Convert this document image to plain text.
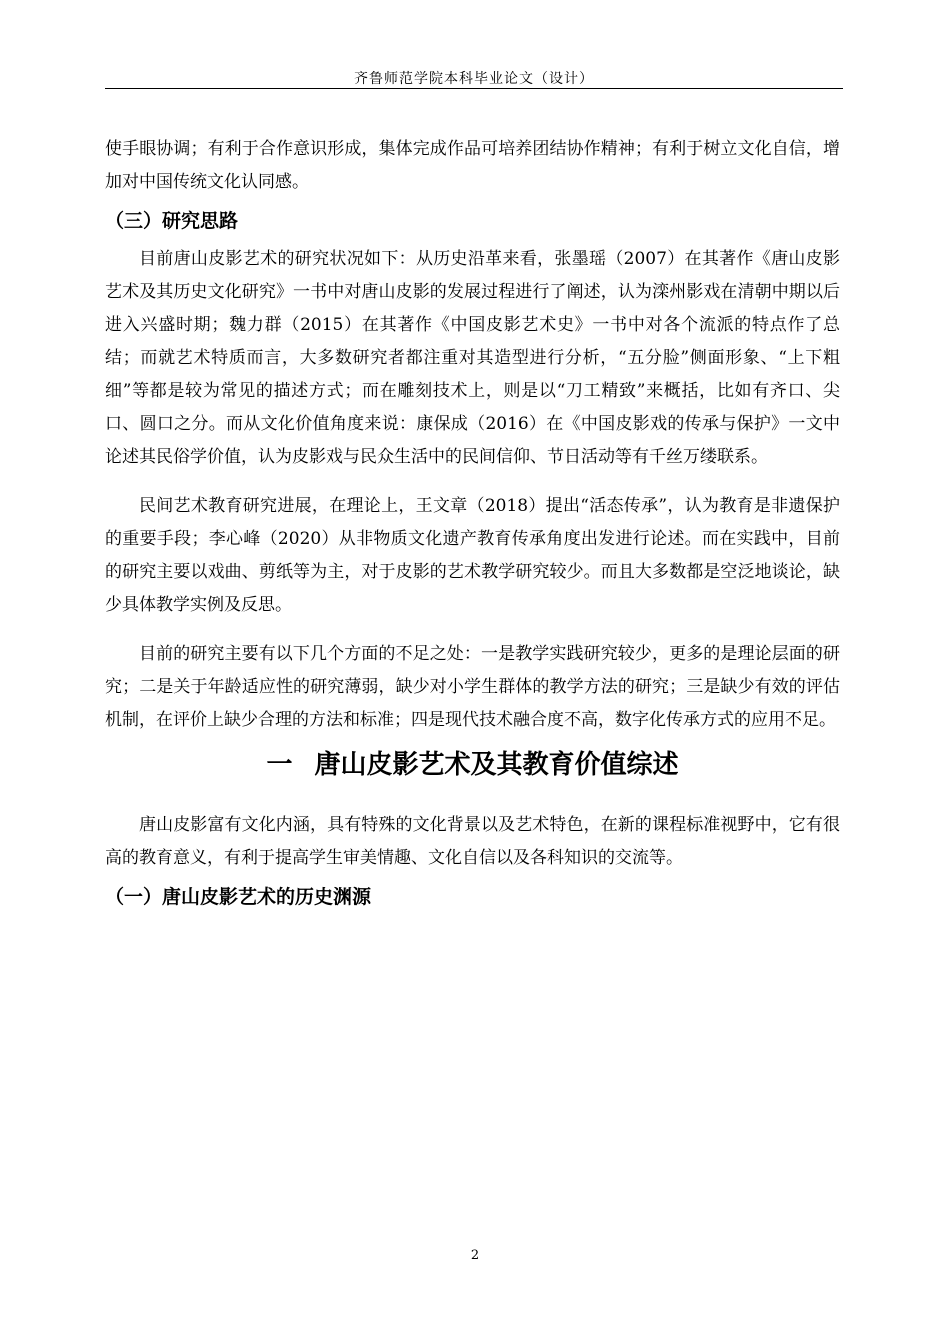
齐鲁师范学院本科毕业论文（设计）

使手眼协调；有利于合作意识形成，集体完成作品可培养团结协作精神；有利于树立文化自信，增加对中国传统文化认同感。

（三）研究思路

目前唐山皮影艺术的研究状况如下：从历史沿革来看，张墨瑶（2007）在其著作《唐山皮影艺术及其历史文化研究》一书中对唐山皮影的发展过程进行了阐述，认为滦州影戏在清朝中期以后进入兴盛时期；魏力群（2015）在其著作《中国皮影艺术史》一书中对各个流派的特点作了总结；而就艺术特质而言，大多数研究者都注重对其造型进行分析，“五分脸”侧面形象、“上下粗细”等都是较为常见的描述方式；而在雕刻技术上，则是以“刀工精致”来概括，比如有齐口、尖口、圆口之分。而从文化价值角度来说：康保成（2016）在《中国皮影戏的传承与保护》一文中论述其民俗学价值，认为皮影戏与民众生活中的民间信仰、节日活动等有千丝万缕联系。

民间艺术教育研究进展，在理论上，王文章（2018）提出“活态传承”，认为教育是非遗保护的重要手段；李心峰（2020）从非物质文化遗产教育传承角度出发进行论述。而在实践中，目前的研究主要以戏曲、剪纸等为主，对于皮影的艺术教学研究较少。而且大多数都是空泛地谈论，缺少具体教学实例及反思。

目前的研究主要有以下几个方面的不足之处：一是教学实践研究较少，更多的是理论层面的研究；二是关于年龄适应性的研究薄弱，缺少对小学生群体的教学方法的研究；三是缺少有效的评估机制，在评价上缺少合理的方法和标准；四是现代技术融合度不高，数字化传承方式的应用不足。

一 唐山皮影艺术及其教育价值综述

唐山皮影富有文化内涵，具有特殊的文化背景以及艺术特色，在新的课程标准视野中，它有很高的教育意义，有利于提高学生审美情趣、文化自信以及各科知识的交流等。

（一）唐山皮影艺术的历史渊源
2
